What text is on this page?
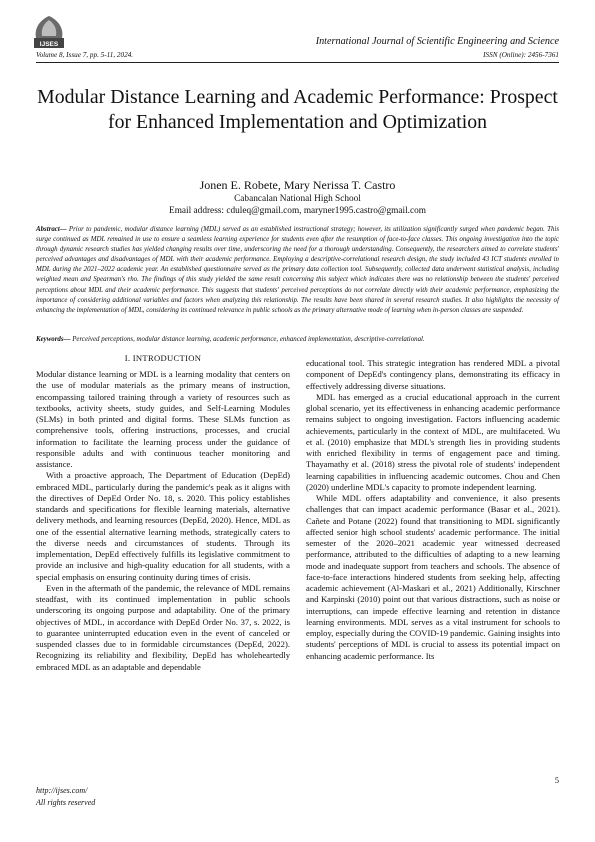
IJSES	International Journal of Scientific Engineering and Science
Volume 8, Issue 7, pp. 5-11, 2024.	ISSN (Online): 2456-7361
Modular Distance Learning and Academic Performance: Prospect for Enhanced Implementation and Optimization
Jonen E. Robete, Mary Nerissa T. Castro
Cabancalan National High School
Email address: cduleq@gmail.com, maryner1995.castro@gmail.com
Abstract— Prior to pandemic, modular distance learning (MDL) served as an established instructional strategy; however, its utilization significantly surged when pandemic began. This surge continued as MDL remained in use to ensure a seamless learning experience for students even after the resumption of face-to-face classes. This ongoing investigation into the topic through dynamic research studies has yielded changing results over time, underscoring the need for a thorough understanding. Consequently, the researchers aimed to correlate students' perceived advantages and disadvantages of MDL with their academic performance. Employing a descriptive-correlational research design, the study included 43 ICT students enrolled in MDL during the 2021–2022 academic year. An established questionnaire served as the primary data collection tool. Subsequently, collected data underwent statistical analysis, including weighted mean and Spearman's rho. The findings of this study yielded the same result concerning this subject which indicates there was no relationship between the students' perceived perceptions about MDL and their academic performance. This suggests that students' perceived perceptions do not correlate directly with their academic performance, emphasizing the importance of considering additional variables and factors when analyzing this relationship. The results have been shared in several research studies. It also highlights the necessity of enhancing the implementation of MDL, considering its continued relevance in public schools as the primary alternative mode of learning when in-person classes are suspended.
Keywords— Perceived perceptions, modular distance learning, academic performance, enhanced implementation, descriptive-correlational.
I. INTRODUCTION

Modular distance learning or MDL is a learning modality that centers on the use of modular materials as the primary means of instruction, encompassing tailored training through a variety of resources such as textbooks, activity sheets, study guides, and Self-Learning Modules (SLMs) in both printed and digital forms. These SLMs function as comprehensive tools, offering instructions, processes, and crucial information to facilitate the learning process under the guidance of responsible adults and with continuous teacher monitoring and assistance.

With a proactive approach, The Department of Education (DepEd) embraced MDL, particularly during the pandemic's peak as it aligns with the directives of DepEd Order No. 18, s. 2020. This policy establishes standards and specifications for flexible learning materials, alternative delivery methods, and learning resources (DepEd, 2020). Hence, MDL as one of the essential alternative learning methods, strategically caters to the diverse needs and circumstances of students. Through its implementation, DepEd effectively fulfills its legislative commitment to provide an inclusive and high-quality education for all students, with a special emphasis on ensuring continuity during times of crisis.

Even in the aftermath of the pandemic, the relevance of MDL remains steadfast, with its continued implementation in public schools underscoring its ongoing purpose and adaptability. One of the primary objectives of MDL, in accordance with DepEd Order No. 37, s. 2022, is to guarantee uninterrupted education even in the event of canceled or suspended classes due to in formidable circumstances (DepEd, 2022). Recognizing its reliability and flexibility, DepEd has wholeheartedly embraced MDL as an adaptable and dependable

educational tool. This strategic integration has rendered MDL a pivotal component of DepEd's contingency plans, demonstrating its efficacy in effectively addressing diverse situations.

MDL has emerged as a crucial educational approach in the current global scenario, yet its effectiveness in enhancing academic performance remains subject to ongoing investigation. Factors influencing academic achievements, particularly in the context of MDL, are multifaceted. Wu et al. (2010) emphasize that MDL's strength lies in providing students with enriched flexibility in terms of engagement pace and timing. Thayamathy et al. (2018) stress the pivotal role of students' independent learning capabilities in influencing academic outcomes. Chou and Chen (2020) underline MDL's capacity to promote independent learning.

While MDL offers adaptability and convenience, it also presents challenges that can impact academic performance (Basar et al., 2021). Cañete and Potane (2022) found that transitioning to MDL significantly affected senior high school students' academic performance. The initial semester of the 2020–2021 academic year witnessed decreased performance, attributed to the difficulties of adapting to a new learning mode and inadequate support from teachers and schools. The absence of face-to-face interactions hindered students from seeking help, affecting academic achievement (Al-Maskari et al., 2021) Additionally, Kirschner and Karpinski (2010) point out that various distractions, such as noise or interruptions, can impede effective learning and retention in distance learning environments. MDL serves as a vital instrument for schools to employ, especially during the COVID-19 pandemic. Gaining insights into students' perceptions of MDL is crucial to assess its potential impact on enhancing academic performance. Its

5
http://ijses.com/
All rights reserved
